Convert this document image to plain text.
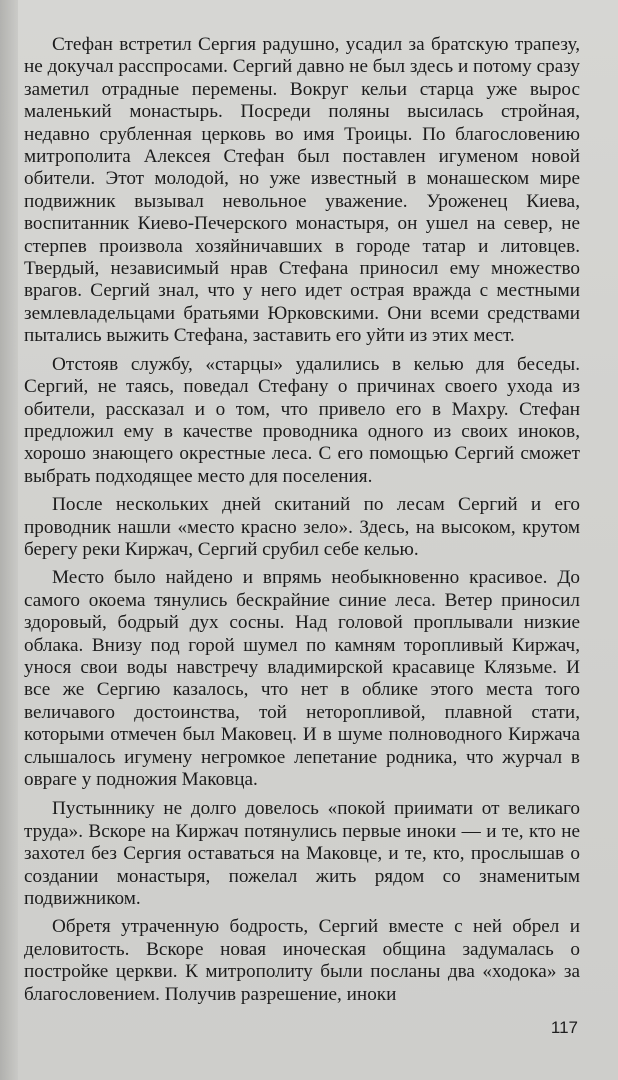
Стефан встретил Сергия радушно, усадил за братскую трапезу, не докучал расспросами. Сергий давно не был здесь и потому сразу заметил отрадные перемены. Вокруг кельи старца уже вырос маленький монастырь. Посреди поляны высилась стройная, недавно срубленная церковь во имя Троицы. По благословению митрополита Алексея Стефан был поставлен игуменом новой обители. Этот молодой, но уже известный в монашеском мире подвижник вызывал невольное уважение. Уроженец Киева, воспитанник Киево-Печерского монастыря, он ушел на север, не стерпев произвола хозяйничавших в городе татар и литовцев. Твердый, независимый нрав Стефана приносил ему множество врагов. Сергий знал, что у него идет острая вражда с местными землевладельцами братьями Юрковскими. Они всеми средствами пытались выжить Стефана, заставить его уйти из этих мест.

Отстояв службу, «старцы» удалились в келью для беседы. Сергий, не таясь, поведал Стефану о причинах своего ухода из обители, рассказал и о том, что привело его в Махру. Стефан предложил ему в качестве проводника одного из своих иноков, хорошо знающего окрестные леса. С его помощью Сергий сможет выбрать подходящее место для поселения.

После нескольких дней скитаний по лесам Сергий и его проводник нашли «место красно зело». Здесь, на высоком, крутом берегу реки Киржач, Сергий срубил себе келью.

Место было найдено и впрямь необыкновенно красивое. До самого окоема тянулись бескрайние синие леса. Ветер приносил здоровый, бодрый дух сосны. Над головой проплывали низкие облака. Внизу под горой шумел по камням торопливый Киржач, унося свои воды навстречу владимирской красавице Клязьме. И все же Сергию казалось, что нет в облике этого места того величавого достоинства, той неторопливой, плавной стати, которыми отмечен был Маковец. И в шуме полноводного Киржача слышалось игумену негромкое лепетание родника, что журчал в овраге у подножия Маковца.

Пустыннику не долго довелось «покой приимати от великаго труда». Вскоре на Киржач потянулись первые иноки — и те, кто не захотел без Сергия оставаться на Маковце, и те, кто, прослышав о создании монастыря, пожелал жить рядом со знаменитым подвижником.

Обретя утраченную бодрость, Сергий вместе с ней обрел и деловитость. Вскоре новая иноческая община задумалась о постройке церкви. К митрополиту были посланы два «ходока» за благословением. Получив разрешение, иноки

117
